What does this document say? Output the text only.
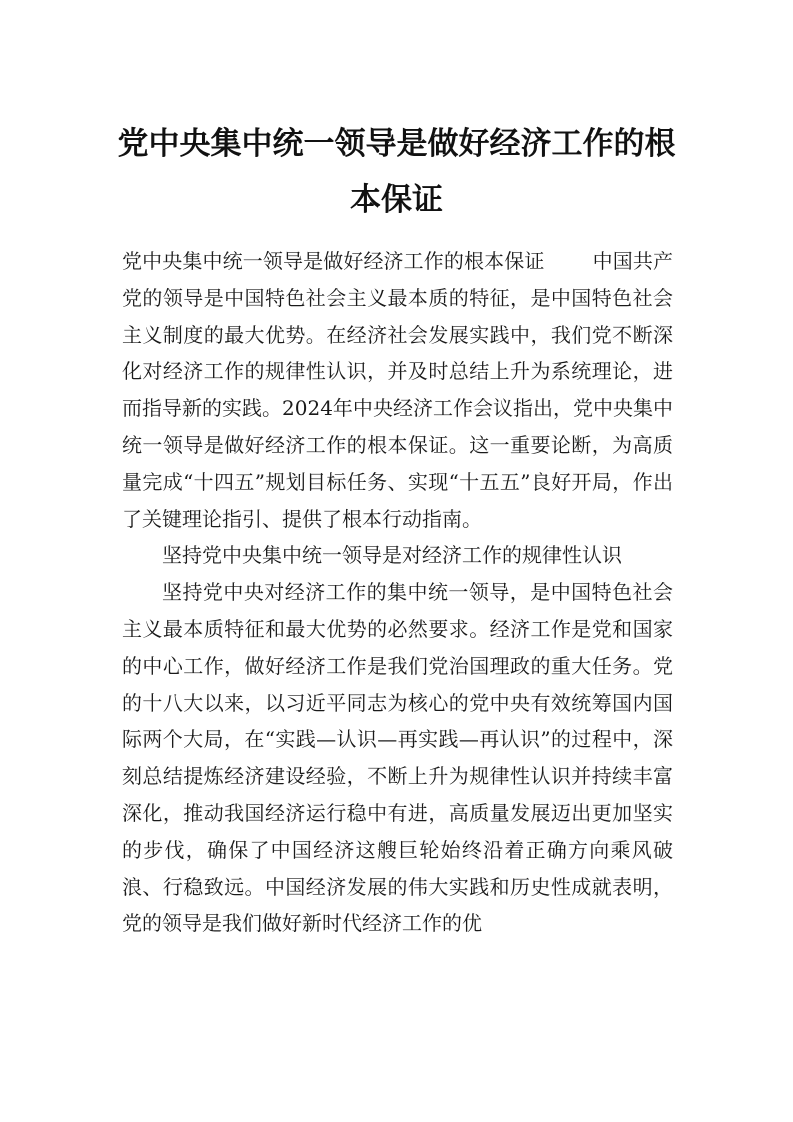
党中央集中统一领导是做好经济工作的根本保证

党中央集中统一领导是做好经济工作的根本保证 中国共产党的领导是中国特色社会主义最本质的特征，是中国特色社会主义制度的最大优势。在经济社会发展实践中，我们党不断深化对经济工作的规律性认识，并及时总结上升为系统理论，进而指导新的实践。2024年中央经济工作会议指出，党中央集中统一领导是做好经济工作的根本保证。这一重要论断，为高质量完成“十四五”规划目标任务、实现“十五五”良好开局，作出了关键理论指引、提供了根本行动指南。

坚持党中央集中统一领导是对经济工作的规律性认识

坚持党中央对经济工作的集中统一领导，是中国特色社会主义最本质特征和最大优势的必然要求。经济工作是党和国家的中心工作，做好经济工作是我们党治国理政的重大任务。党的十八大以来，以习近平同志为核心的党中央有效统筹国内国际两个大局，在“实践—认识—再实践—再认识”的过程中，深刻总结提炼经济建设经验，不断上升为规律性认识并持续丰富深化，推动我国经济运行稳中有进，高质量发展迈出更加坚实的步伐，确保了中国经济这艘巨轮始终沿着正确方向乘风破浪、行稳致远。中国经济发展的伟大实践和历史性成就表明，党的领导是我们做好新时代经济工作的优
